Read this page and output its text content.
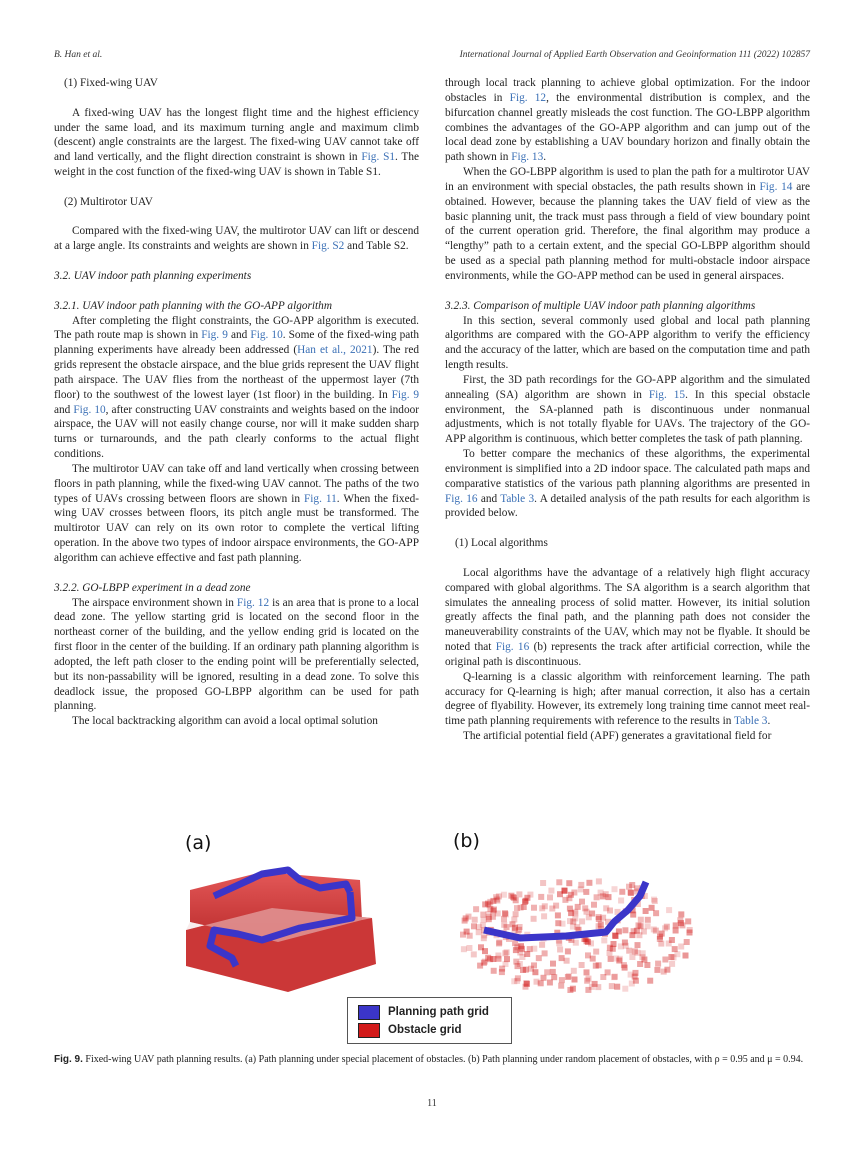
B. Han et al.	International Journal of Applied Earth Observation and Geoinformation 111 (2022) 102857

(1) Fixed-wing UAV

A fixed-wing UAV has the longest flight time and the highest efficiency under the same load, and its maximum turning angle and maximum climb (descent) angle constraints are the largest. The fixed-wing UAV cannot take off and land vertically, and the flight direction constraint is shown in Fig. S1. The weight in the cost function of the fixed-wing UAV is shown in Table S1.

(2) Multirotor UAV

Compared with the fixed-wing UAV, the multirotor UAV can lift or descend at a large angle. Its constraints and weights are shown in Fig. S2 and Table S2.

3.2. UAV indoor path planning experiments

3.2.1. UAV indoor path planning with the GO-APP algorithm

After completing the flight constraints, the GO-APP algorithm is executed. The path route map is shown in Fig. 9 and Fig. 10. Some of the fixed-wing path planning experiments have already been addressed (Han et al., 2021). The red grids represent the obstacle airspace, and the blue grids represent the UAV flight path airspace. The UAV flies from the northeast of the uppermost layer (7th floor) to the southwest of the lowest layer (1st floor) in the building. In Fig. 9 and Fig. 10, after constructing UAV constraints and weights based on the indoor airspace, the UAV will not easily change course, nor will it make sudden sharp turns or turnarounds, and the path clearly conforms to the actual flight conditions.

The multirotor UAV can take off and land vertically when crossing between floors in path planning, while the fixed-wing UAV cannot. The paths of the two types of UAVs crossing between floors are shown in Fig. 11. When the fixed-wing UAV crosses between floors, its pitch angle must be transformed. The multirotor UAV can rely on its own rotor to complete the vertical lifting operation. In the above two types of indoor airspace environments, the GO-APP algorithm can achieve effective and fast path planning.

3.2.2. GO-LBPP experiment in a dead zone

The airspace environment shown in Fig. 12 is an area that is prone to a local dead zone. The yellow starting grid is located on the second floor in the northeast corner of the building, and the yellow ending grid is located on the first floor in the center of the building. If an ordinary path planning algorithm is adopted, the left path closer to the ending point will be preferentially selected, but its non-passability will be ignored, resulting in a dead zone. To solve this deadlock issue, the proposed GO-LBPP algorithm can be used for path planning.

The local backtracking algorithm can avoid a local optimal solution

through local track planning to achieve global optimization. For the indoor obstacles in Fig. 12, the environmental distribution is complex, and the bifurcation channel greatly misleads the cost function. The GO-LBPP algorithm combines the advantages of the GO-APP algorithm and can jump out of the local dead zone by establishing a UAV boundary horizon and finally obtain the path shown in Fig. 13.

When the GO-LBPP algorithm is used to plan the path for a multirotor UAV in an environment with special obstacles, the path results shown in Fig. 14 are obtained. However, because the planning takes the UAV field of view as the basic planning unit, the track must pass through a field of view boundary point of the current operation grid. Therefore, the final algorithm may produce a “lengthy” path to a certain extent, and the special GO-LBPP algorithm should be used as a special path planning method for multi-obstacle indoor airspace environments, while the GO-APP method can be used in general airspaces.

3.2.3. Comparison of multiple UAV indoor path planning algorithms

In this section, several commonly used global and local path planning algorithms are compared with the GO-APP algorithm to verify the efficiency and the accuracy of the latter, which are based on the computation time and path length results.

First, the 3D path recordings for the GO-APP algorithm and the simulated annealing (SA) algorithm are shown in Fig. 15. In this special obstacle environment, the SA-planned path is discontinuous under nonmanual adjustments, which is not totally flyable for UAVs. The trajectory of the GO-APP algorithm is continuous, which better completes the task of path planning.

To better compare the mechanics of these algorithms, the experimental environment is simplified into a 2D indoor space. The calculated path maps and comparative statistics of the various path planning algorithms are presented in Fig. 16 and Table 3. A detailed analysis of the path results for each algorithm is provided below.

(1) Local algorithms

Local algorithms have the advantage of a relatively high flight accuracy compared with global algorithms. The SA algorithm is a search algorithm that simulates the annealing process of solid matter. However, its initial solution greatly affects the final path, and the planning path does not consider the maneuverability constraints of the UAV, which may not be flyable. It should be noted that Fig. 16 (b) represents the track after artificial correction, while the original path is discontinuous.

Q-learning is a classic algorithm with reinforcement learning. The path accuracy for Q-learning is high; after manual correction, it also has a certain degree of flyability. However, its extremely long training time cannot meet real-time path planning requirements with reference to the results in Table 3.

The artificial potential field (APF) generates a gravitational field for

(a)	(b)
Planning path grid
Obstacle grid
Fig. 9. Fixed-wing UAV path planning results. (a) Path planning under special placement of obstacles. (b) Path planning under random placement of obstacles, with ρ = 0.95 and μ = 0.94.
11
